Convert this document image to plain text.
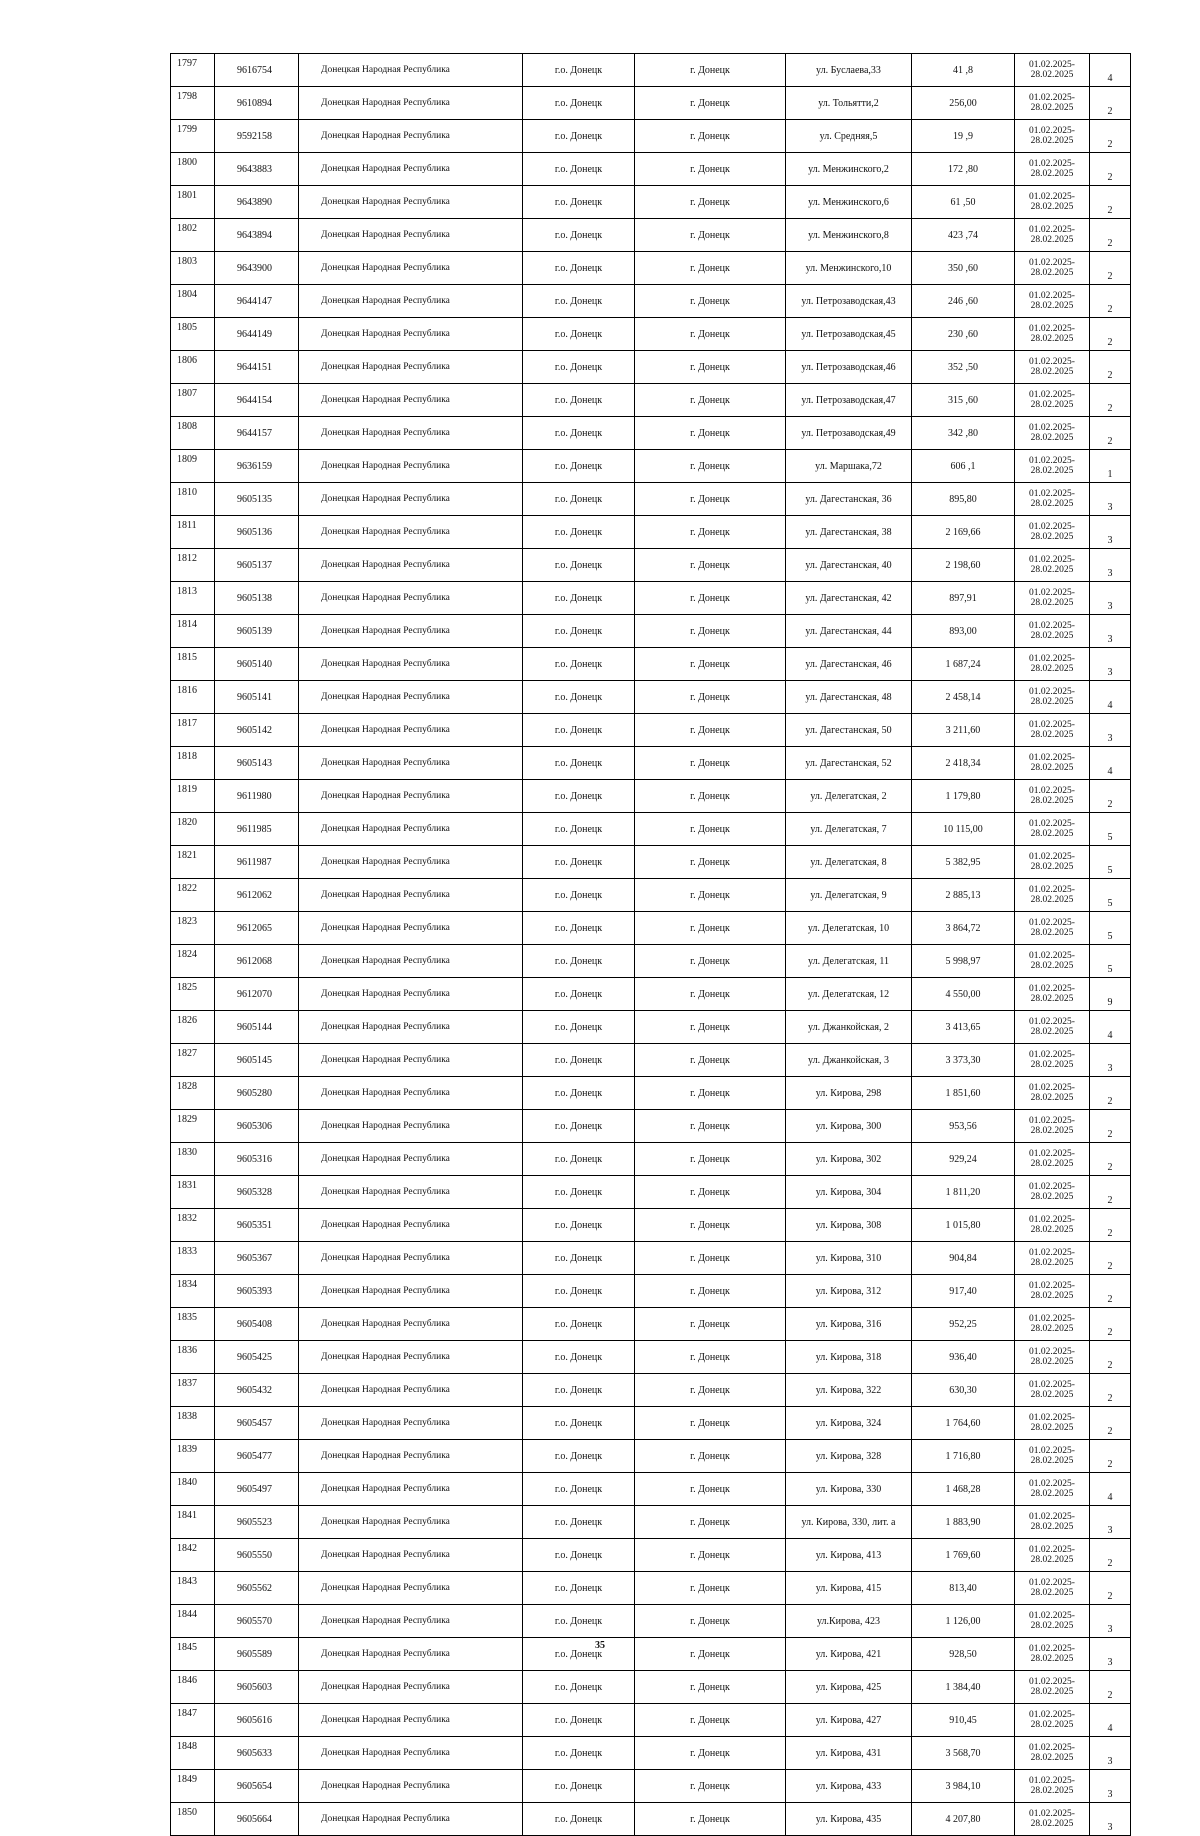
1797	9616754	Донецкая Народная Республика	г.о. Донецк	г. Донецк	ул. Буслаева,33	41 ,8	01.02.2025-
28.02.2025	4
1798	9610894	Донецкая Народная Республика	г.о. Донецк	г. Донецк	ул. Тольятти,2	256,00	01.02.2025-
28.02.2025	2
1799	9592158	Донецкая Народная Республика	г.о. Донецк	г. Донецк	ул. Средняя,5	19 ,9	01.02.2025-
28.02.2025	2
1800	9643883	Донецкая Народная Республика	г.о. Донецк	г. Донецк	ул. Менжинского,2	172 ,80	01.02.2025-
28.02.2025	2
1801	9643890	Донецкая Народная Республика	г.о. Донецк	г. Донецк	ул. Менжинского,6	61 ,50	01.02.2025-
28.02.2025	2
1802	9643894	Донецкая Народная Республика	г.о. Донецк	г. Донецк	ул. Менжинского,8	423 ,74	01.02.2025-
28.02.2025	2
1803	9643900	Донецкая Народная Республика	г.о. Донецк	г. Донецк	ул. Менжинского,10	350 ,60	01.02.2025-
28.02.2025	2
1804	9644147	Донецкая Народная Республика	г.о. Донецк	г. Донецк	ул. Петрозаводская,43	246 ,60	01.02.2025-
28.02.2025	2
1805	9644149	Донецкая Народная Республика	г.о. Донецк	г. Донецк	ул. Петрозаводская,45	230 ,60	01.02.2025-
28.02.2025	2
1806	9644151	Донецкая Народная Республика	г.о. Донецк	г. Донецк	ул. Петрозаводская,46	352 ,50	01.02.2025-
28.02.2025	2
1807	9644154	Донецкая Народная Республика	г.о. Донецк	г. Донецк	ул. Петрозаводская,47	315 ,60	01.02.2025-
28.02.2025	2
1808	9644157	Донецкая Народная Республика	г.о. Донецк	г. Донецк	ул. Петрозаводская,49	342 ,80	01.02.2025-
28.02.2025	2
1809	9636159	Донецкая Народная Республика	г.о. Донецк	г. Донецк	ул. Маршака,72	606 ,1	01.02.2025-
28.02.2025	1
1810	9605135	Донецкая Народная Республика	г.о. Донецк	г. Донецк	ул. Дагестанская, 36	895,80	01.02.2025-
28.02.2025	3
1811	9605136	Донецкая Народная Республика	г.о. Донецк	г. Донецк	ул. Дагестанская, 38	2 169,66	01.02.2025-
28.02.2025	3
1812	9605137	Донецкая Народная Республика	г.о. Донецк	г. Донецк	ул. Дагестанская, 40	2 198,60	01.02.2025-
28.02.2025	3
1813	9605138	Донецкая Народная Республика	г.о. Донецк	г. Донецк	ул. Дагестанская, 42	897,91	01.02.2025-
28.02.2025	3
1814	9605139	Донецкая Народная Республика	г.о. Донецк	г. Донецк	ул. Дагестанская, 44	893,00	01.02.2025-
28.02.2025	3
1815	9605140	Донецкая Народная Республика	г.о. Донецк	г. Донецк	ул. Дагестанская, 46	1 687,24	01.02.2025-
28.02.2025	3
1816	9605141	Донецкая Народная Республика	г.о. Донецк	г. Донецк	ул. Дагестанская, 48	2 458,14	01.02.2025-
28.02.2025	4
1817	9605142	Донецкая Народная Республика	г.о. Донецк	г. Донецк	ул. Дагестанская, 50	3 211,60	01.02.2025-
28.02.2025	3
1818	9605143	Донецкая Народная Республика	г.о. Донецк	г. Донецк	ул. Дагестанская, 52	2 418,34	01.02.2025-
28.02.2025	4
1819	9611980	Донецкая Народная Республика	г.о. Донецк	г. Донецк	ул. Делегатская, 2	1 179,80	01.02.2025-
28.02.2025	2
1820	9611985	Донецкая Народная Республика	г.о. Донецк	г. Донецк	ул. Делегатская, 7	10 115,00	01.02.2025-
28.02.2025	5
1821	9611987	Донецкая Народная Республика	г.о. Донецк	г. Донецк	ул. Делегатская, 8	5 382,95	01.02.2025-
28.02.2025	5
1822	9612062	Донецкая Народная Республика	г.о. Донецк	г. Донецк	ул. Делегатская, 9	2 885,13	01.02.2025-
28.02.2025	5
1823	9612065	Донецкая Народная Республика	г.о. Донецк	г. Донецк	ул. Делегатская, 10	3 864,72	01.02.2025-
28.02.2025	5
1824	9612068	Донецкая Народная Республика	г.о. Донецк	г. Донецк	ул. Делегатская, 11	5 998,97	01.02.2025-
28.02.2025	5
1825	9612070	Донецкая Народная Республика	г.о. Донецк	г. Донецк	ул. Делегатская, 12	4 550,00	01.02.2025-
28.02.2025	9
1826	9605144	Донецкая Народная Республика	г.о. Донецк	г. Донецк	ул. Джанкойская, 2	3 413,65	01.02.2025-
28.02.2025	4
1827	9605145	Донецкая Народная Республика	г.о. Донецк	г. Донецк	ул. Джанкойская, 3	3 373,30	01.02.2025-
28.02.2025	3
1828	9605280	Донецкая Народная Республика	г.о. Донецк	г. Донецк	ул. Кирова, 298	1 851,60	01.02.2025-
28.02.2025	2
1829	9605306	Донецкая Народная Республика	г.о. Донецк	г. Донецк	ул. Кирова, 300	953,56	01.02.2025-
28.02.2025	2
1830	9605316	Донецкая Народная Республика	г.о. Донецк	г. Донецк	ул. Кирова, 302	929,24	01.02.2025-
28.02.2025	2
1831	9605328	Донецкая Народная Республика	г.о. Донецк	г. Донецк	ул. Кирова, 304	1 811,20	01.02.2025-
28.02.2025	2
1832	9605351	Донецкая Народная Республика	г.о. Донецк	г. Донецк	ул. Кирова, 308	1 015,80	01.02.2025-
28.02.2025	2
1833	9605367	Донецкая Народная Республика	г.о. Донецк	г. Донецк	ул. Кирова, 310	904,84	01.02.2025-
28.02.2025	2
1834	9605393	Донецкая Народная Республика	г.о. Донецк	г. Донецк	ул. Кирова, 312	917,40	01.02.2025-
28.02.2025	2
1835	9605408	Донецкая Народная Республика	г.о. Донецк	г. Донецк	ул. Кирова, 316	952,25	01.02.2025-
28.02.2025	2
1836	9605425	Донецкая Народная Республика	г.о. Донецк	г. Донецк	ул. Кирова, 318	936,40	01.02.2025-
28.02.2025	2
1837	9605432	Донецкая Народная Республика	г.о. Донецк	г. Донецк	ул. Кирова, 322	630,30	01.02.2025-
28.02.2025	2
1838	9605457	Донецкая Народная Республика	г.о. Донецк	г. Донецк	ул. Кирова, 324	1 764,60	01.02.2025-
28.02.2025	2
1839	9605477	Донецкая Народная Республика	г.о. Донецк	г. Донецк	ул. Кирова, 328	1 716,80	01.02.2025-
28.02.2025	2
1840	9605497	Донецкая Народная Республика	г.о. Донецк	г. Донецк	ул. Кирова, 330	1 468,28	01.02.2025-
28.02.2025	4
1841	9605523	Донецкая Народная Республика	г.о. Донецк	г. Донецк	ул. Кирова, 330, лит. а	1 883,90	01.02.2025-
28.02.2025	3
1842	9605550	Донецкая Народная Республика	г.о. Донецк	г. Донецк	ул. Кирова, 413	1 769,60	01.02.2025-
28.02.2025	2
1843	9605562	Донецкая Народная Республика	г.о. Донецк	г. Донецк	ул. Кирова, 415	813,40	01.02.2025-
28.02.2025	2
1844	9605570	Донецкая Народная Республика	г.о. Донецк	г. Донецк	ул.Кирова, 423	1 126,00	01.02.2025-
28.02.2025	3
1845	9605589	Донецкая Народная Республика	г.о. Донецк	г. Донецк	ул. Кирова, 421	928,50	01.02.2025-
28.02.2025	3
1846	9605603	Донецкая Народная Республика	г.о. Донецк	г. Донецк	ул. Кирова, 425	1 384,40	01.02.2025-
28.02.2025	2
1847	9605616	Донецкая Народная Республика	г.о. Донецк	г. Донецк	ул. Кирова, 427	910,45	01.02.2025-
28.02.2025	4
1848	9605633	Донецкая Народная Республика	г.о. Донецк	г. Донецк	ул. Кирова, 431	3 568,70	01.02.2025-
28.02.2025	3
1849	9605654	Донецкая Народная Республика	г.о. Донецк	г. Донецк	ул. Кирова, 433	3 984,10	01.02.2025-
28.02.2025	3
1850	9605664	Донецкая Народная Республика	г.о. Донецк	г. Донецк	ул. Кирова, 435	4 207,80	01.02.2025-
28.02.2025	3
35
